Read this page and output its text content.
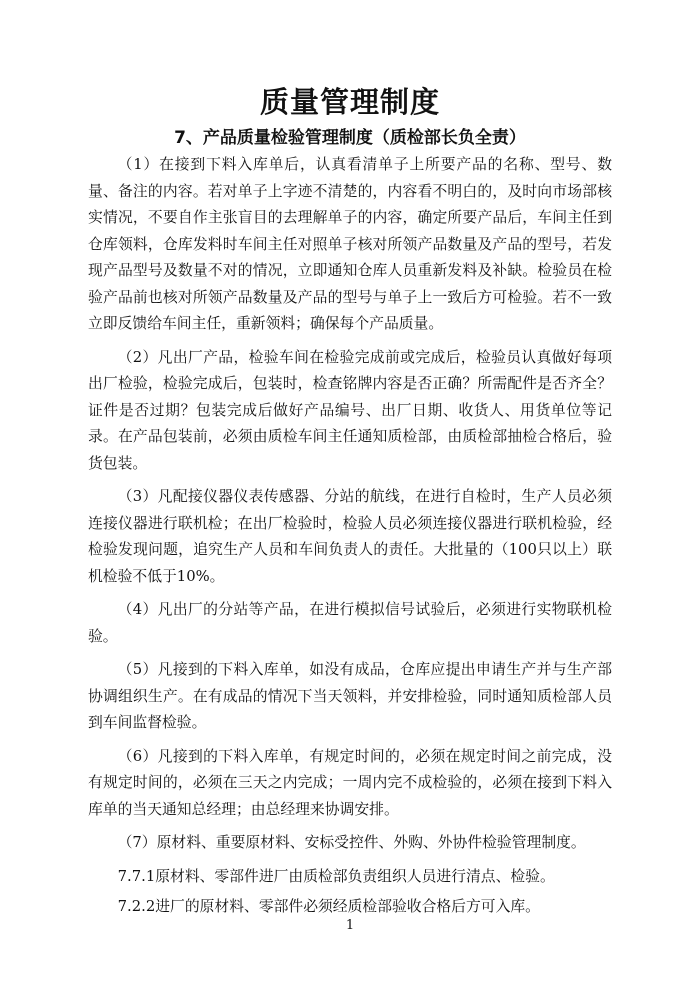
质量管理制度
7、产品质量检验管理制度（质检部长负全责）

（1）在接到下料入库单后，认真看清单子上所要产品的名称、型号、数量、备注的内容。若对单子上字迹不清楚的，内容看不明白的，及时向市场部核实情况，不要自作主张盲目的去理解单子的内容，确定所要产品后，车间主任到仓库领料，仓库发料时车间主任对照单子核对所领产品数量及产品的型号，若发现产品型号及数量不对的情况，立即通知仓库人员重新发料及补缺。检验员在检验产品前也核对所领产品数量及产品的型号与单子上一致后方可检验。若不一致立即反馈给车间主任，重新领料；确保每个产品质量。

（2）凡出厂产品，检验车间在检验完成前或完成后，检验员认真做好每项出厂检验，检验完成后，包装时，检查铭牌内容是否正确？所需配件是否齐全？证件是否过期？包装完成后做好产品编号、出厂日期、收货人、用货单位等记录。在产品包装前，必须由质检车间主任通知质检部，由质检部抽检合格后，验货包装。

（3）凡配接仪器仪表传感器、分站的航线，在进行自检时，生产人员必须连接仪器进行联机检；在出厂检验时，检验人员必须连接仪器进行联机检验，经检验发现问题，追究生产人员和车间负责人的责任。大批量的（100只以上）联机检验不低于10%。

（4）凡出厂的分站等产品，在进行模拟信号试验后，必须进行实物联机检验。

（5）凡接到的下料入库单，如没有成品，仓库应提出申请生产并与生产部协调组织生产。在有成品的情况下当天领料，并安排检验，同时通知质检部人员到车间监督检验。

（6）凡接到的下料入库单，有规定时间的，必须在规定时间之前完成，没有规定时间的，必须在三天之内完成；一周内完不成检验的，必须在接到下料入库单的当天通知总经理；由总经理来协调安排。

（7）原材料、重要原材料、安标受控件、外购、外协件检验管理制度。

7.7.1原材料、零部件进厂由质检部负责组织人员进行清点、检验。

7.2.2进厂的原材料、零部件必须经质检部验收合格后方可入库。

1
